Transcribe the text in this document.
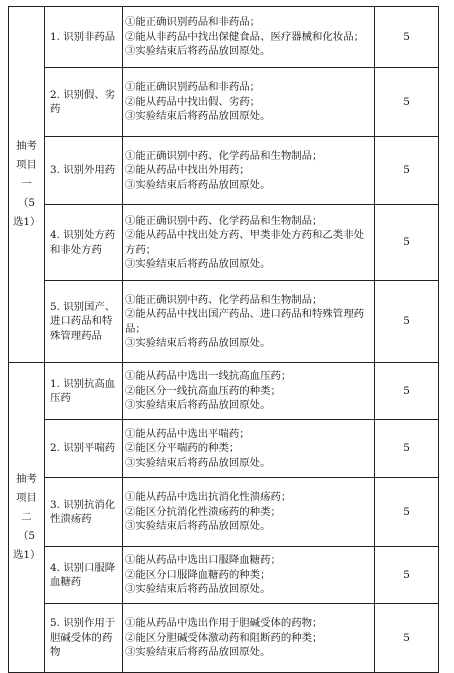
抽考项目一（5选1）	1. 识别非药品	①能正确识别药品和非药品；
②能从非药品中找出保健食品、医疗器械和化妆品；
③实验结束后将药品放回原处。	5
	2. 识别假、劣药	①能正确识别药品和非药品；
②能从药品中找出假、劣药；
③实验结束后将药品放回原处。	5
	3. 识别外用药	①能正确识别中药、化学药品和生物制品；
②能从药品中找出外用药；
③实验结束后将药品放回原处。	5
	4. 识别处方药和非处方药	①能正确识别中药、化学药品和生物制品；
②能从药品中找出处方药、甲类非处方药和乙类非处方药；
③实验结束后将药品放回原处。	5
	5. 识别国产、进口药品和特殊管理药品	①能正确识别中药、化学药品和生物制品；
②能从药品中找出国产药品、进口药品和特殊管理药品；
③实验结束后将药品放回原处。	5
抽考项目二（5选1）	1. 识别抗高血压药	①能从药品中选出一线抗高血压药；
②能区分一线抗高血压药的种类；
③实验结束后将药品放回原处。	5
	2. 识别平喘药	①能从药品中选出平喘药；
②能区分平喘药的种类；
③实验结束后将药品放回原处。	5
	3. 识别抗消化性溃疡药	①能从药品中选出抗消化性溃疡药；
②能区分抗消化性溃疡药的种类；
③实验结束后将药品放回原处。	5
	4. 识别口服降血糖药	①能从药品中选出口服降血糖药；
②能区分口服降血糖药的种类；
③实验结束后将药品放回原处。	5
	5. 识别作用于胆碱受体的药物	①能从药品中选出作用于胆碱受体的药物；
②能区分胆碱受体激动药和阻断药的种类；
③实验结束后将药品放回原处。	5
